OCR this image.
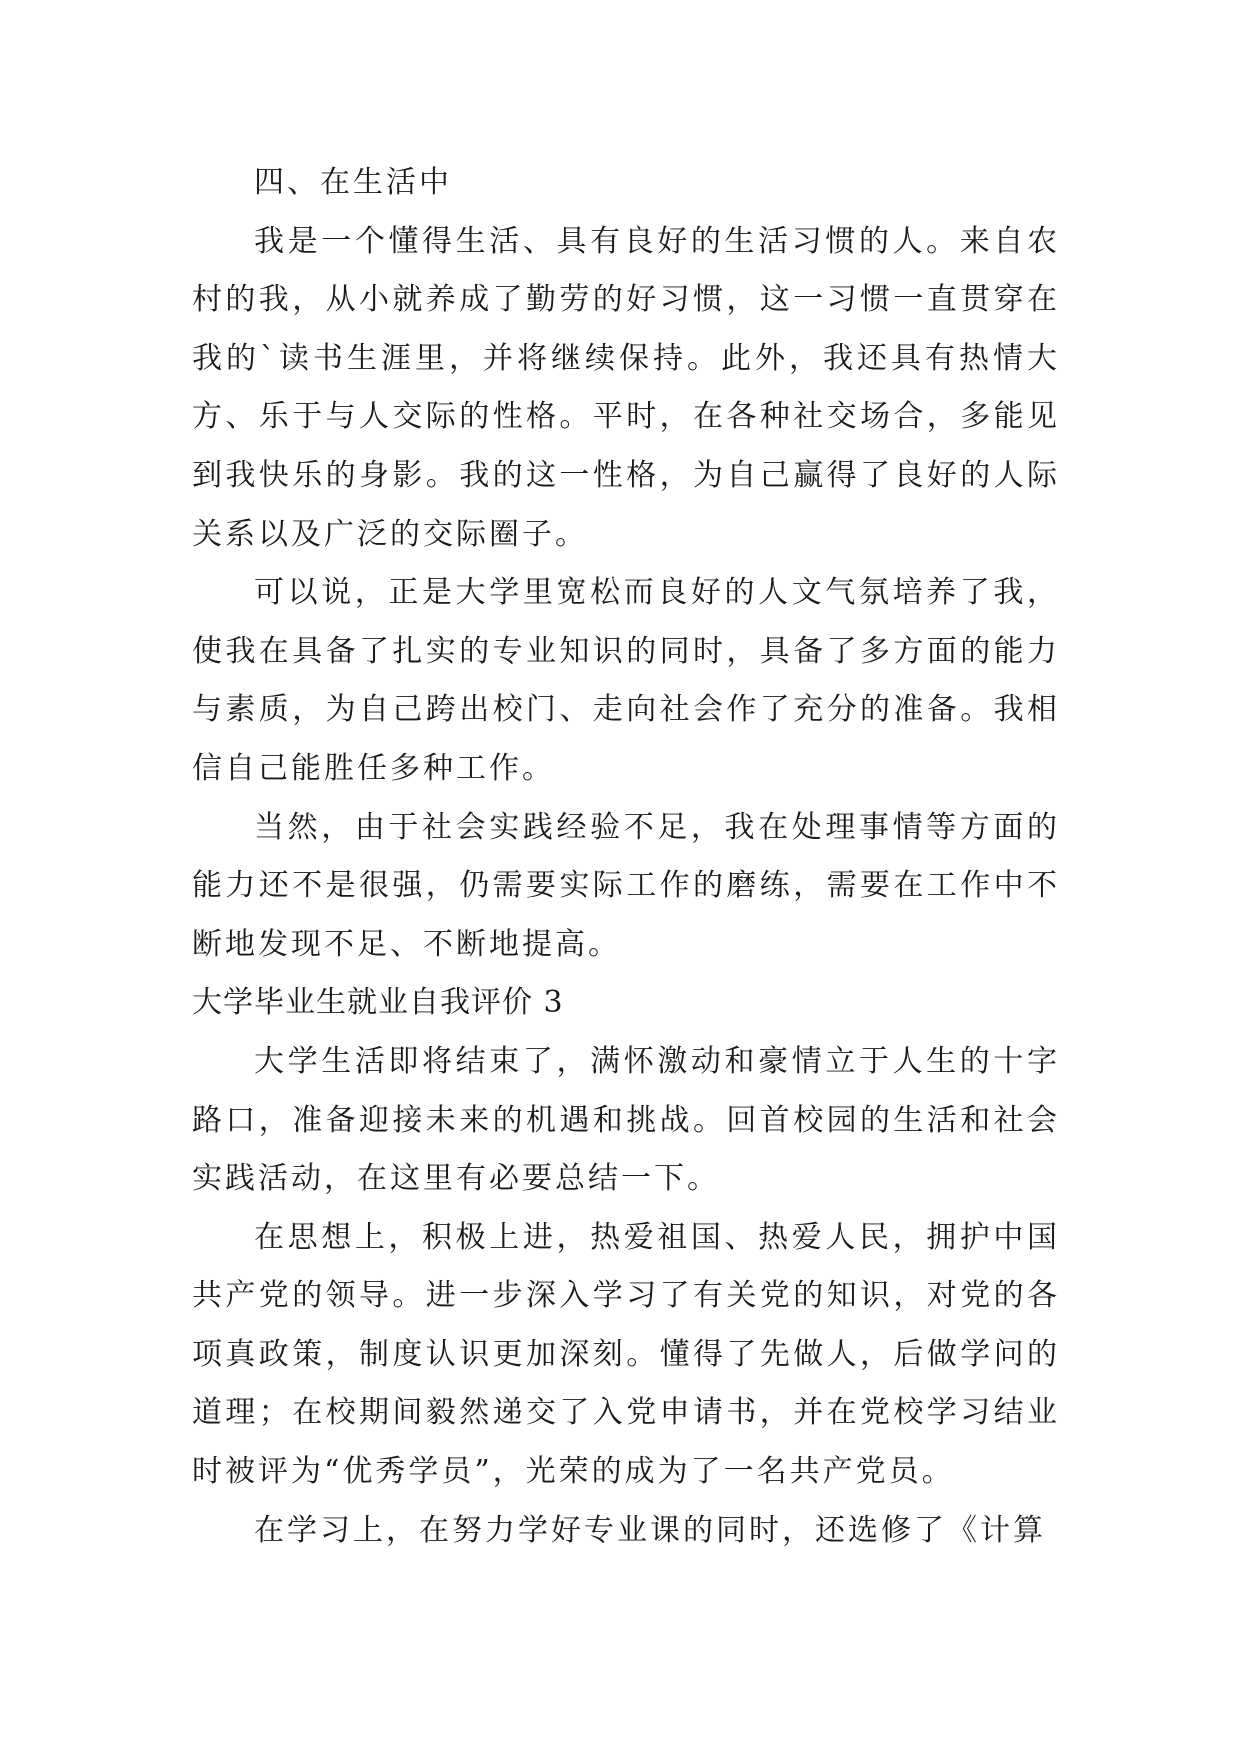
四、在生活中

我是一个懂得生活、具有良好的生活习惯的人。来自农村的我，从小就养成了勤劳的好习惯，这一习惯一直贯穿在我的`读书生涯里，并将继续保持。此外，我还具有热情大方、乐于与人交际的性格。平时，在各种社交场合，多能见到我快乐的身影。我的这一性格，为自己赢得了良好的人际关系以及广泛的交际圈子。

可以说，正是大学里宽松而良好的人文气氛培养了我，使我在具备了扎实的专业知识的同时，具备了多方面的能力与素质，为自己跨出校门、走向社会作了充分的准备。我相信自己能胜任多种工作。

当然，由于社会实践经验不足，我在处理事情等方面的能力还不是很强，仍需要实际工作的磨练，需要在工作中不断地发现不足、不断地提高。

大学毕业生就业自我评价 3

大学生活即将结束了，满怀激动和豪情立于人生的十字路口，准备迎接未来的机遇和挑战。回首校园的生活和社会实践活动，在这里有必要总结一下。

在思想上，积极上进，热爱祖国、热爱人民，拥护中国共产党的领导。进一步深入学习了有关党的知识，对党的各项真政策，制度认识更加深刻。懂得了先做人，后做学问的道理；在校期间毅然递交了入党申请书，并在党校学习结业时被评为“优秀学员”，光荣的成为了一名共产党员。

在学习上，在努力学好专业课的同时，还选修了《计算
